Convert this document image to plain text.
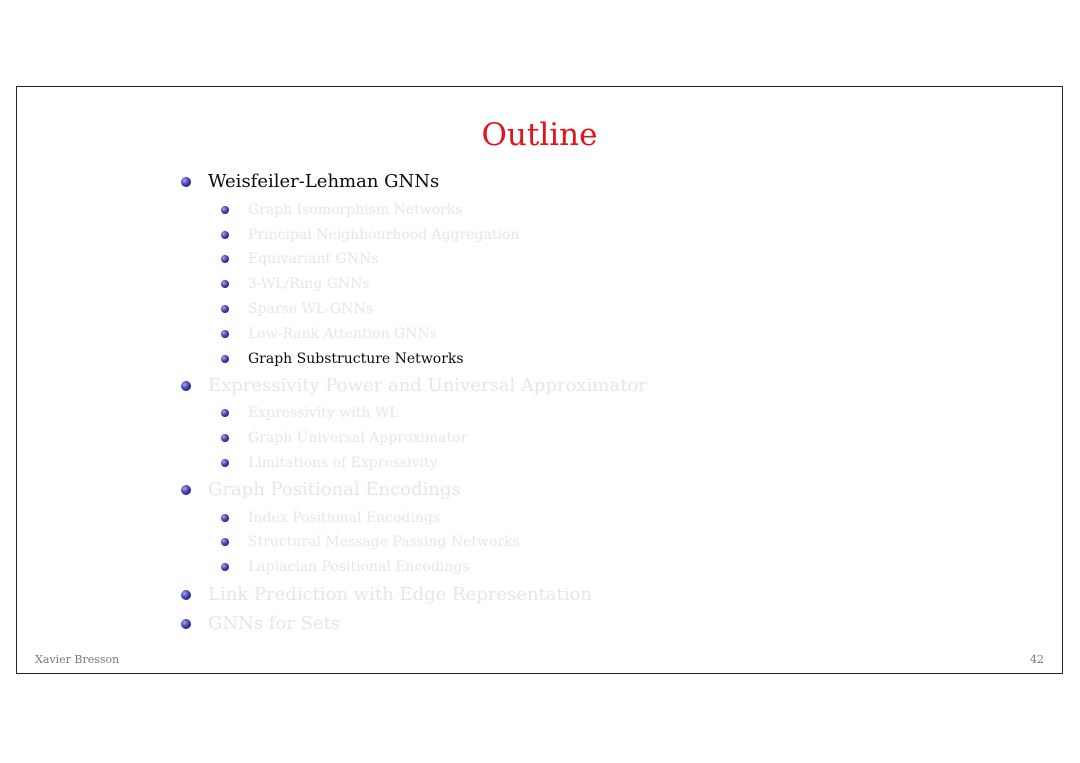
Outline
Weisfeiler-Lehman GNNs
Graph Isomorphism Networks
Principal Neighbourhood Aggregation
Equivariant GNNs
3-WL/Ring GNNs
Sparse WL-GNNs
Low-Rank Attention GNNs
Graph Substructure Networks
Expressivity Power and Universal Approximator
Expressivity with WL
Graph Universal Approximator
Limitations of Expressivity
Graph Positional Encodings
Index Positional Encodings
Structural Message Passing Networks
Laplacian Positional Encodings
Link Prediction with Edge Representation
GNNs for Sets
Xavier Bresson	42
